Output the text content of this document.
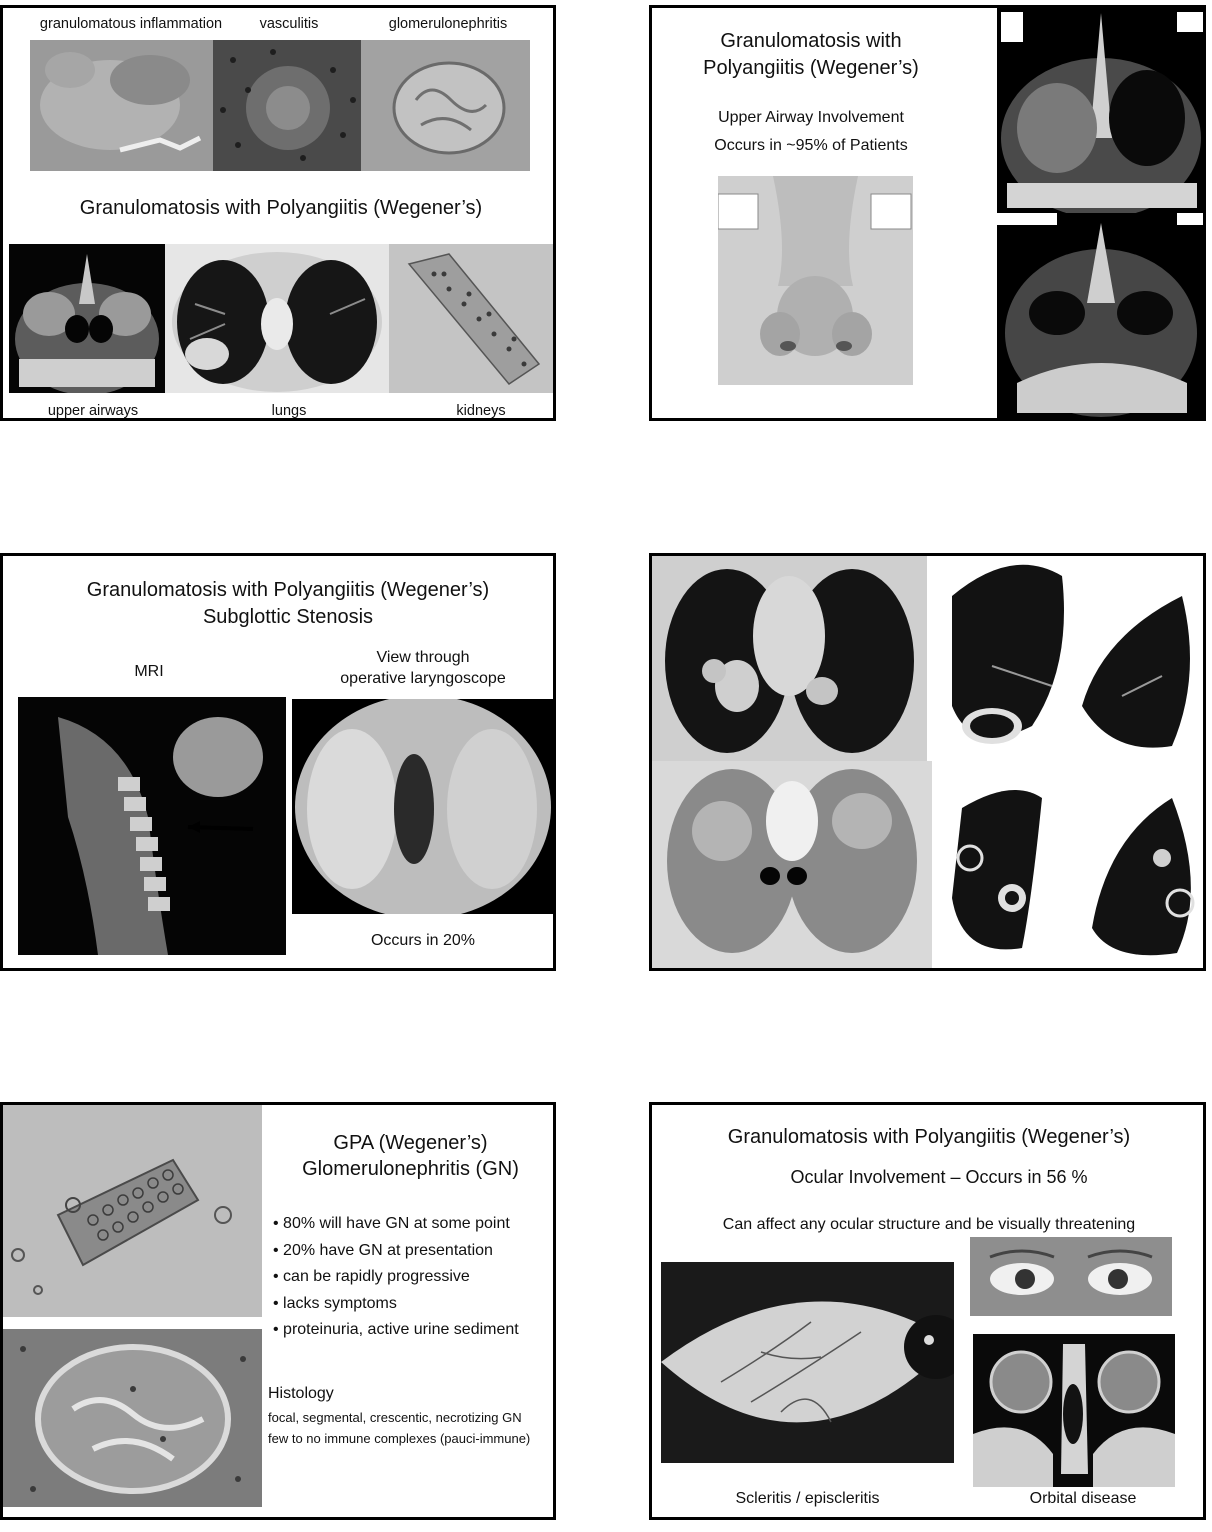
granulomatous inflammation	vasculitis	glomerulonephritis
Granulomatosis with Polyangiitis (Wegener’s)
upper airways	lungs	kidneys
Granulomatosis with
Polyangiitis (Wegener’s)
Upper Airway Involvement
Occurs in ~95% of Patients
Granulomatosis with Polyangiitis (Wegener’s)
Subglottic Stenosis
MRI
View through
operative laryngoscope
Occurs in 20%
GPA (Wegener’s)
Glomerulonephritis (GN)
• 80% will have GN at some point
• 20% have GN at presentation
• can be rapidly progressive
• lacks symptoms
• proteinuria, active urine sediment
Histology
focal, segmental, crescentic, necrotizing GN
few to no immune complexes (pauci-immune)
Granulomatosis with Polyangiitis (Wegener’s)
Ocular Involvement – Occurs in 56 %
Can affect any ocular structure and be visually threatening
Scleritis / episcleritis	Orbital disease
